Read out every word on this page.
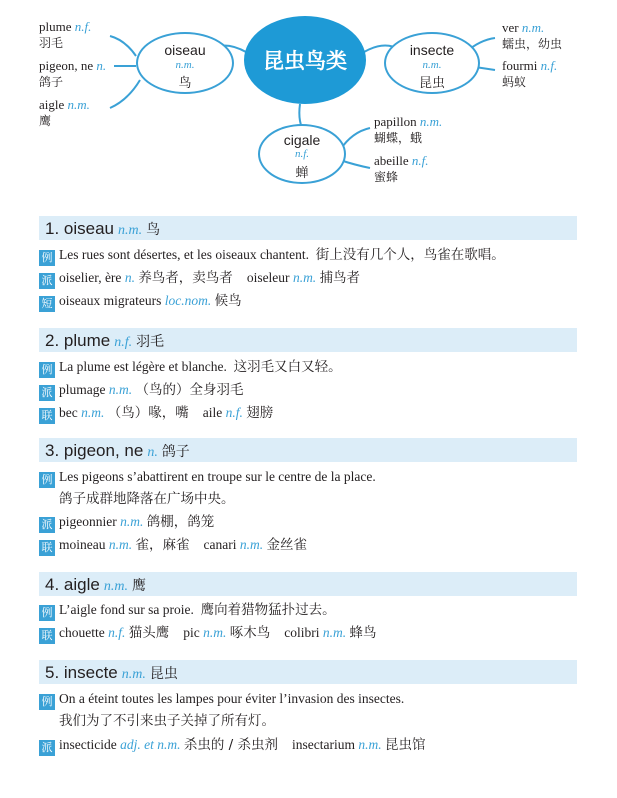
昆虫鸟类
oiseau
n.m.
鸟
insecte
n.m.
昆虫
cigale
n.f.
蝉
plume n.f.
羽毛
pigeon, ne n.
鸽子
aigle n.m.
鹰
ver n.m.
蠕虫，幼虫
fourmi n.f.
蚂蚁
papillon n.m.
蝴蝶，蛾
abeille n.f.
蜜蜂
1. oiseau n.m. 鸟
例 Les rues sont désertes, et les oiseaux chantent. 街上没有几个人，鸟雀在歌唱。
派 oiselier, ère n. 养鸟者，卖鸟者 oiseleur n.m. 捕鸟者
短 oiseaux migrateurs loc.nom. 候鸟
2. plume n.f. 羽毛
例 La plume est légère et blanche. 这羽毛又白又轻。
派 plumage n.m. （鸟的）全身羽毛
联 bec n.m. （鸟）喙，嘴 aile n.f. 翅膀
3. pigeon, ne n. 鸽子
例 Les pigeons s’abattirent en troupe sur le centre de la place.
鸽子成群地降落在广场中央。
派 pigeonnier n.m. 鸽棚，鸽笼
联 moineau n.m. 雀，麻雀 canari n.m. 金丝雀
4. aigle n.m. 鹰
例 L’aigle fond sur sa proie. 鹰向着猎物猛扑过去。
联 chouette n.f. 猫头鹰 pic n.m. 啄木鸟 colibri n.m. 蜂鸟
5. insecte n.m. 昆虫
例 On a éteint toutes les lampes pour éviter l’invasion des insectes.
我们为了不引来虫子关掉了所有灯。
派 insecticide adj. et n.m. 杀虫的 / 杀虫剂 insectarium n.m. 昆虫馆
